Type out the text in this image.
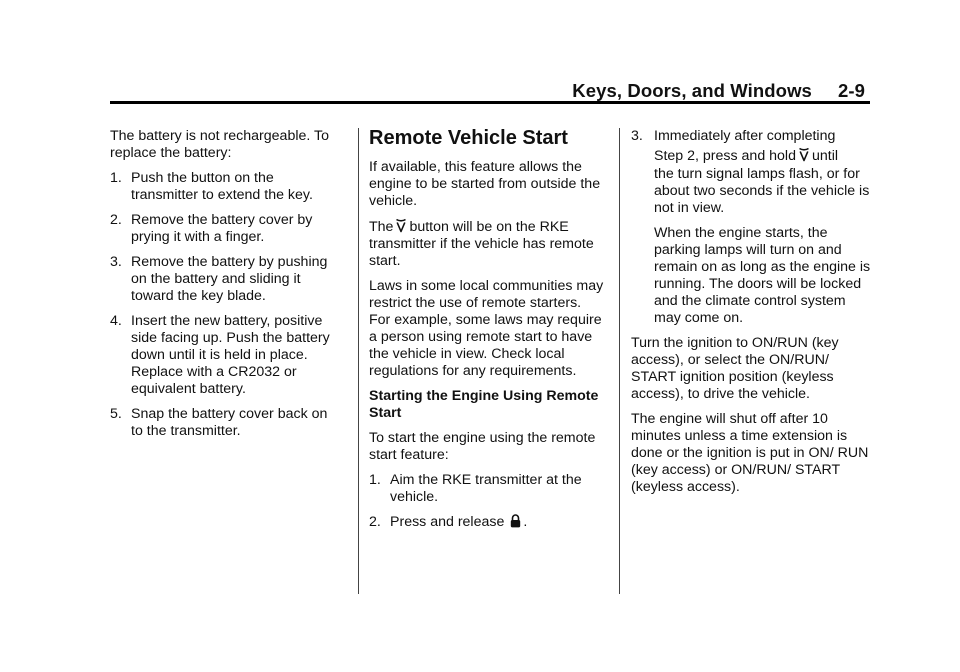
Keys, Doors, and Windows 2-9

The battery is not rechargeable. To replace the battery:

1. Push the button on the transmitter to extend the key.
2. Remove the battery cover by prying it with a finger.
3. Remove the battery by pushing on the battery and sliding it toward the key blade.
4. Insert the new battery, positive side facing up. Push the battery down until it is held in place. Replace with a CR2032 or equivalent battery.
5. Snap the battery cover back on to the transmitter.
Remote Vehicle Start

If available, this feature allows the engine to be started from outside the vehicle.

The button will be on the RKE transmitter if the vehicle has remote start.

Laws in some local communities may restrict the use of remote starters. For example, some laws may require a person using remote start to have the vehicle in view. Check local regulations for any requirements.

Starting the Engine Using Remote Start

To start the engine using the remote start feature:

1. Aim the RKE transmitter at the vehicle.
2. Press and release .
3. Immediately after completing
Step 2, press and hold until
the turn signal lamps flash, or for about two seconds if the vehicle is not in view.
When the engine starts, the parking lamps will turn on and remain on as long as the engine is running. The doors will be locked and the climate control system may come on.

Turn the ignition to ON/RUN (key access), or select the ON/RUN/ START ignition position (keyless access), to drive the vehicle.

The engine will shut off after 10 minutes unless a time extension is done or the ignition is put in ON/ RUN (key access) or ON/RUN/ START (keyless access).
